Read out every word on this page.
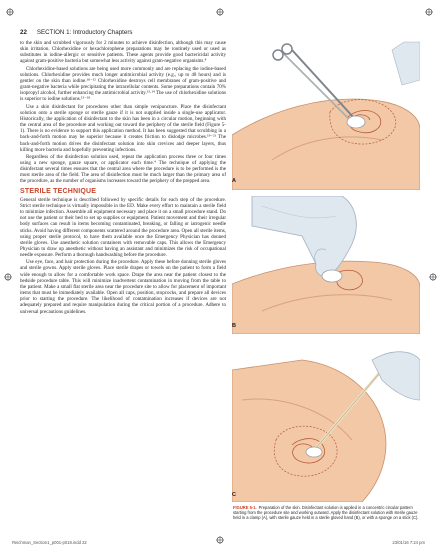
22 SECTION 1: Introductory Chapters

to the skin and scrubbed vigorously for 2 minutes to achieve disinfection, although this may cause skin irritation. Chlorhexidine or hexachlorophene preparations may be routinely used or used as substitutes in iodine-allergic or sensitive patients. These agents provide good bactericidal activity against gram-positive bacteria but somewhat less activity against gram-negative organisms.⁴

Chlorhexidine-based solutions are being used more commonly and are replacing the iodine-based solutions. Chlorhexidine provides much longer antimicrobial activity (e.g., up to 48 hours) and is gentler on the skin than iodine.¹⁰⁻¹² Chlorhexidine destroys cell membranes of gram-positive and gram-negative bacteria while precipitating the intracellular contents. Some preparations contain 70% isopropyl alcohol, further enhancing the antimicrobial activity.¹³·¹⁴ The use of chlorhexidine solutions is superior to iodine solutions.¹⁵⁻¹⁸

Use a skin disinfectant for procedures other than simple venipuncture. Place the disinfectant solution onto a sterile sponge or sterile gauze if it is not supplied inside a single-use applicator. Historically, the application of disinfectant to the skin has been in a circular motion, beginning with the central area of the procedure and working out toward the periphery of the sterile field (Figure 5-1). There is no evidence to support this application method. It has been suggested that scrubbing in a back-and-forth motion may be superior because it creates friction to dislodge microbes.¹⁹⁻²¹ The back-and-forth motion drives the disinfectant solution into skin crevices and deeper layers, thus killing more bacteria and hopefully preventing infections.

Regardless of the disinfection solution used, repeat the application process three or four times using a new sponge, gauze square, or applicator each time.⁴ The technique of applying the disinfectant several times ensures that the central area where the procedure is to be performed is the most sterile area of the field. The area of disinfection must be much larger than the primary area of the procedure, as the number of organisms increases toward the periphery of the prepped area.

STERILE TECHNIQUE

General sterile technique is described followed by specific details for each step of the procedure. Strict sterile technique is virtually impossible in the ED. Make every effort to maintain a sterile field to minimize infection. Assemble all equipment necessary and place it on a small procedure stand. Do not use the patient or their bed to set up supplies or equipment. Patient movement and their irregular body surfaces can result in items becoming contaminated, breaking, or falling or iatrogenic needle sticks. Avoid having different components scattered around the procedure area. Open all sterile items, using proper sterile protocol, to have them available once the Emergency Physician has donned sterile gloves. Use anesthetic solution containers with removable caps. This allows the Emergency Physician to draw up anesthetic without having an assistant and minimizes the risk of occupational needle exposure. Perform a thorough handwashing before the procedure.

Use eye, face, and hair protection during the procedure. Apply these before donning sterile gloves and sterile gowns. Apply sterile gloves. Place sterile drapes or towels on the patient to form a field wide enough to allow for a comfortable work space. Drape the area near the patient closest to the bedside procedure table. This will minimize inadvertent contamination in moving from the table to the patient. Make a small flat sterile area near the procedure site to allow for placement of important items that must be immediately available. Open all caps, position, stopcocks, and prepare all devices prior to starting the procedure. The likelihood of contamination increases if devices are not adequately prepared and require manipulation during the critical portion of a procedure. Adhere to universal precautions guidelines.

A
B
C
FIGURE 5-1. Preparation of the skin. Disinfectant solution is applied in a concentric circular pattern starting from the procedure site and working outward. Apply the disinfectant solution with sterile gauze held in a clamp (A), with sterile gauze held in a sterile gloved hand (B), or with a sponge on a stick (C).
Reichman_Section1_p001-p018.indd 22	23/01/16 7:24 pm
